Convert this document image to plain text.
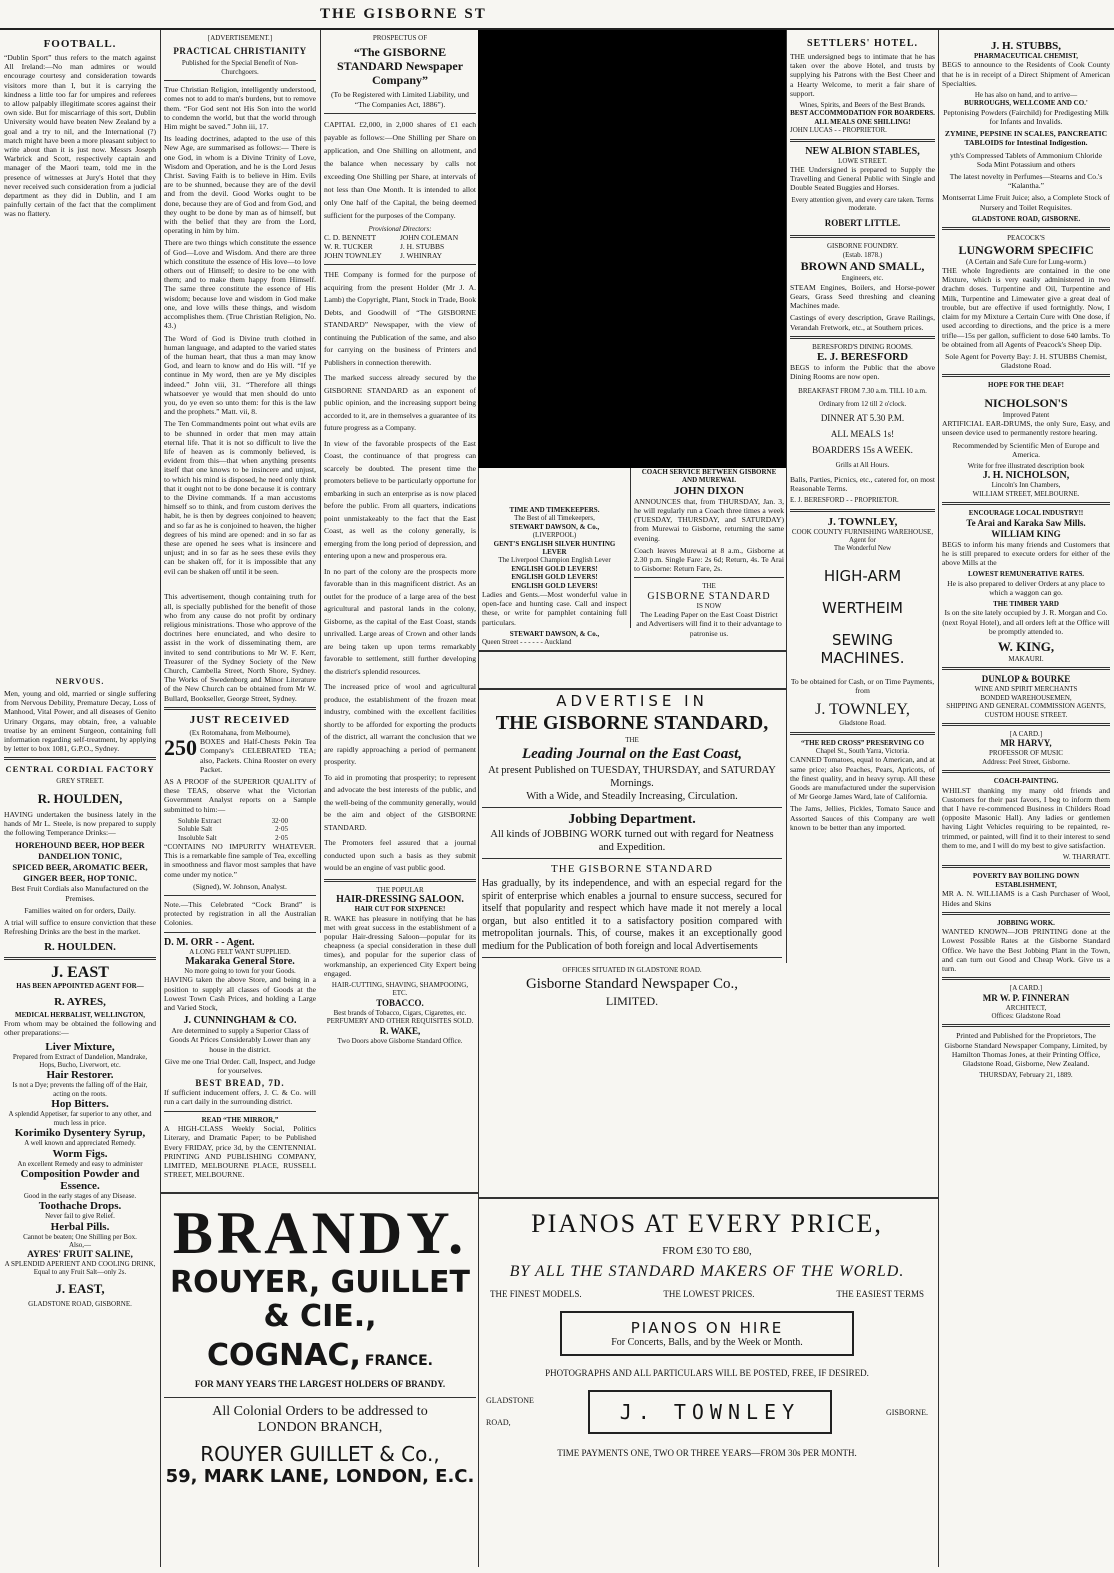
THE GISBORNE ST
FOOTBALL.

“Dublin Sport” thus refers to the match against All Ireland:—No man admires or would encourage courtesy and consideration towards visitors more than I, but it is carrying the kindness a little too far for umpires and referees to allow palpably illegitimate scores against their own side. But for miscarriage of this sort, Dublin University would have beaten New Zealand by a goal and a try to nil, and the International (?) match might have been a more pleasant subject to write about than it is just now. Messrs Joseph Warbrick and Scott, respectively captain and manager of the Maori team, told me in the presence of witnesses at Jury's Hotel that they never received such consideration from a judicial department as they did in Dublin, and I am painfully certain of the fact that the compliment was no flattery.

NERVOUS.

Men, young and old, married or single suffering from Nervous Debility, Premature Decay, Loss of Manhood, Vital Power, and all diseases of Genito Urinary Organs, may obtain, free, a valuable treatise by an eminent Surgeon, containing full information regarding self-treatment, by applying by letter to box 1081, G.P.O., Sydney.

CENTRAL CORDIAL FACTORY
GREY STREET.
R. HOULDEN,

HAVING undertaken the business lately in the hands of Mr L. Steele, is now prepared to supply the following Temperance Drinks:—

HOREHOUND BEER, HOP BEER
DANDELION TONIC,
SPICED BEER, AROMATIC BEER,
GINGER BEER, HOP TONIC.

Best Fruit Cordials also Manufactured on the Premises.

Families waited on for orders, Daily.

A trial will suffice to ensure conviction that these Refreshing Drinks are the best in the market.

R. HOULDEN.
J. EAST
HAS BEEN APPOINTED AGENT FOR—
R. AYRES,
MEDICAL HERBALIST, WELLINGTON,

From whom may be obtained the following and other preparations:—

Liver Mixture,
Prepared from Extract of Dandelion, Mandrake, Hops, Bucho, Liverwort, etc.
Hair Restorer.
Is not a Dye; prevents the falling off of the Hair, acting on the roots.
Hop Bitters.
A splendid Appetiser, far superior to any other, and much less in price.
Korimiko Dysentery Syrup,
A well known and appreciated Remedy.
Worm Figs.
An excellent Remedy and easy to administer
Composition Powder and Essence.
Good in the early stages of any Disease.
Toothache Drops.
Never fail to give Relief.
Herbal Pills.
Cannot be beaten; One Shilling per Box.
Also,—
AYRES' FRUIT SALINE,
A SPLENDID APERIENT AND COOLING DRINK,
Equal to any Fruit Salt—only 2s.
J. EAST,
GLADSTONE ROAD, GISBORNE.
[ADVERTISEMENT.]
PRACTICAL CHRISTIANITY
Published for the Special Benefit of Non-Churchgoers.

True Christian Religion, intelligently understood, comes not to add to man's burdens, but to remove them. “For God sent not His Son into the world to condemn the world, but that the world through Him might be saved.” John iii, 17.

Its leading doctrines, adapted to the use of this New Age, are summarised as follows:— There is one God, in whom is a Divine Trinity of Love, Wisdom and Operation, and he is the Lord Jesus Christ. Saving Faith is to believe in Him. Evils are to be shunned, because they are of the devil and from the devil. Good Works ought to be done, because they are of God and from God, and they ought to be done by man as of himself, but with the belief that they are from the Lord, operating in him by him.

There are two things which constitute the essence of God—Love and Wisdom. And there are three which constitute the essence of His love—to love others out of Himself; to desire to be one with them; and to make them happy from Himself. The same three constitute the essence of His wisdom; because love and wisdom in God make one, and love wills these things, and wisdom accomplishes them. (True Christian Religion, No. 43.)

The Word of God is Divine truth clothed in human language, and adapted to the varied states of the human heart, that thus a man may know God, and learn to know and do His will. “If ye continue in My word, then are ye My disciples indeed.” John viii, 31. “Therefore all things whatsoever ye would that men should do unto you, do ye even so unto them: for this is the law and the prophets.” Matt. vii, 8.

The Ten Commandments point out what evils are to be shunned in order that men may attain eternal life. That it is not so difficult to live the life of heaven as is commonly believed, is evident from this—that when anything presents itself that one knows to be insincere and unjust, to which his mind is disposed, he need only think that it ought not to be done because it is contrary to the Divine commands. If a man accustoms himself so to think, and from custom derives the habit, he is then by degrees conjoined to heaven; and so far as he is conjoined to heaven, the higher degrees of his mind are opened: and in so far as these are opened he sees what is insincere and unjust; and in so far as he sees these evils they can be shaken off, for it is impossible that any evil can be shaken off until it be seen.

This advertisement, though containing truth for all, is specially published for the benefit of those who from any cause do not profit by ordinary religious ministrations. Those who approve of the doctrines here enunciated, and who desire to assist in the work of disseminating them, are invited to send contributions to Mr W. F. Kerr, Treasurer of the Sydney Society of the New Church, Cambella Street, North Shore, Sydney. The Works of Swedenborg and Minor Literature of the New Church can be obtained from Mr W. Bullard, Bookseller, George Street, Sydney.

JUST RECEIVED
(Ex Rotomahana, from Melbourne),
250 BOXES and Half-Chests Pekin Tea Company's CELEBRATED TEA; also, Packets. China Rooster on every Packet.

AS A PROOF of the SUPERIOR QUALITY of these TEAS, observe what the Victorian Government Analyst reports on a Sample submitted to him:—

Soluble Extract	32·00
Soluble Salt	2·05
Insoluble Salt	2·05

“CONTAINS NO IMPURITY WHATEVER. This is a remarkable fine sample of Tea, excelling in smoothness and flavor most samples that have come under my notice.”

(Signed), W. Johnson, Analyst.

Note.—This Celebrated “Cock Brand” is protected by registration in all the Australian Colonies.

D. M. ORR - - Agent.
A LONG FELT WANT SUPPLIED.
Makaraka General Store.
No more going to town for your Goods.

HAVING taken the above Store, and being in a position to supply all classes of Goods at the Lowest Town Cash Prices, and holding a Large and Varied Stock,

J. CUNNINGHAM & CO.

Are determined to supply a Superior Class of Goods At Prices Considerably Lower than any house in the district.

Give me one Trial Order. Call, Inspect, and Judge for yourselves.

BEST BREAD, 7D.

If sufficient inducement offers, J. C. & Co. will run a cart daily in the surrounding district.

READ “THE MIRROR,”

A HIGH-CLASS Weekly Social, Politics Literary, and Dramatic Paper; to be Published Every FRIDAY, price 3d, by the CENTENNIAL PRINTING AND PUBLISHING COMPANY, LIMITED, MELBOURNE PLACE, RUSSELL STREET, MELBOURNE.

PROSPECTUS OF
“The GISBORNE STANDARD Newspaper Company”

(To be Registered with Limited Liability, und “The Companies Act, 1886”).

CAPITAL £2,000, in 2,000 shares of £1 each payable as follows:—One Shilling per Share on application, and One Shilling on allotment, and the balance when necessary by calls not exceeding One Shilling per Share, at intervals of not less than One Month. It is intended to allot only One half of the Capital, the being deemed sufficient for the purposes of the Company.

Provisional Directors:
C. D. BENNETT	JOHN COLEMAN
W. R. TUCKER	J. H. STUBBS
JOHN TOWNLEY	J. WHINRAY

THE Company is formed for the purpose of acquiring from the present Holder (Mr J. A. Lamb) the Copyright, Plant, Stock in Trade, Book Debts, and Goodwill of “The GISBORNE STANDARD” Newspaper, with the view of continuing the Publication of the same, and also for carrying on the business of Printers and Publishers in connection therewith.

The marked success already secured by the GISBORNE STANDARD as an exponent of public opinion, and the increasing support being accorded to it, are in themselves a guarantee of its future progress as a Company.

In view of the favorable prospects of the East Coast, the continuance of that progress can scarcely be doubted. The present time the promoters believe to be particularly opportune for embarking in such an enterprise as is now placed before the public. From all quarters, indications point unmistakeably to the fact that the East Coast, as well as the colony generally, is emerging from the long period of depression, and entering upon a new and prosperous era.

In no part of the colony are the prospects more favorable than in this magnificent district. As an outlet for the produce of a large area of the best agricultural and pastoral lands in the colony, Gisborne, as the capital of the East Coast, stands unrivalled. Large areas of Crown and other lands are being taken up upon terms remarkably favorable to settlement, still further developing the district's splendid resources.

The increased price of wool and agricultural produce, the establishment of the frozen meat industry, combined with the excellent facilities shortly to be afforded for exporting the products of the district, all warrant the conclusion that we are rapidly approaching a period of permanent prosperity.

To aid in promoting that prosperity; to represent and advocate the best interests of the public, and the well-being of the community generally, would be the aim and object of the GISBORNE STANDARD.

The Promoters feel assured that a journal conducted upon such a basis as they submit would be an engine of vast public good.

THE POPULAR
HAIR-DRESSING SALOON.
HAIR CUT FOR SIXPENCE!

R. WAKE has pleasure in notifying that he has met with great success in the establishment of a popular Hair-dressing Saloon—popular for its cheapness (a special consideration in these dull times), and popular for the superior class of workmanship, an experienced City Expert being engaged.

HAIR-CUTTING, SHAVING, SHAMPOOING, ETC.
TOBACCO.
Best brands of Tobacco, Cigars, Cigarettes, etc.
PERFUMERY AND OTHER REQUISITES SOLD.
R. WAKE,
Two Doors above Gisborne Standard Office.
TIME AND TIMEKEEPERS.
The Best of all Timekeepers,
STEWART DAWSON, & Co.,
(LIVERPOOL)
GENT'S ENGLISH SILVER HUNTING LEVER
The Liverpool Champion English Lever
ENGLISH GOLD LEVERS!
ENGLISH GOLD LEVERS!
ENGLISH GOLD LEVERS!

Ladies and Gents.—Most wonderful value in open-face and hunting case. Call and inspect these, or write for pamphlet containing full particulars.

STEWART DAWSON, & Co.,
Queen Street - - - - - - Auckland
COACH SERVICE BETWEEN GISBORNE AND MUREWAI.
JOHN DIXON

ANNOUNCES that, from THURSDAY, Jan. 3, he will regularly run a Coach three times a week (TUESDAY, THURSDAY, and SATURDAY) from Murewai to Gisborne, returning the same evening.

Coach leaves Murewai at 8 a.m., Gisborne at 2.30 p.m. Single Fare: 2s 6d; Return, 4s. Te Arai to Gisborne: Return Fare, 2s.

THE
GISBORNE STANDARD
IS NOW

The Leading Paper on the East Coast District and Advertisers will find it to their advantage to patronise us.

ADVERTISE IN
THE GISBORNE STANDARD,
THE
Leading Journal on the East Coast,
At present Published on TUESDAY, THURSDAY, and SATURDAY Mornings.
With a Wide, and Steadily Increasing, Circulation.
Jobbing Department.
All kinds of JOBBING WORK turned out with regard for Neatness and Expedition.
THE GISBORNE STANDARD

Has gradually, by its independence, and with an especial regard for the spirit of enterprise which enables a journal to ensure success, secured for itself that popularity and respect which have made it not merely a local organ, but also entitled it to a satisfactory position compared with metropolitan journals. This, of course, makes it an exceptionally good medium for the Publication of both foreign and local Advertisements

OFFICES SITUATED IN GLADSTONE ROAD.
Gisborne Standard Newspaper Co.,
LIMITED.
PIANOS AT EVERY PRICE,
FROM £30 TO £80,
BY ALL THE STANDARD MAKERS OF THE WORLD.
THE FINEST MODELS.	THE LOWEST PRICES.	THE EASIEST TERMS
PIANOS ON HIRE
For Concerts, Balls, and by the Week or Month.
PHOTOGRAPHS AND ALL PARTICULARS WILL BE POSTED, FREE, IF DESIRED.
GLADSTONE
ROAD,	J. TOWNLEY	GISBORNE.
TIME PAYMENTS ONE, TWO OR THREE YEARS—FROM 30s PER MONTH.
BRANDY.
ROUYER, GUILLET & CIE.,
COGNAC, FRANCE.
FOR MANY YEARS THE LARGEST HOLDERS OF BRANDY.
All Colonial Orders to be addressed to
LONDON BRANCH,
ROUYER GUILLET & Co.,
59, MARK LANE, LONDON, E.C.
SETTLERS' HOTEL.

THE undersigned begs to intimate that he has taken over the above Hotel, and trusts by supplying his Patrons with the Best Cheer and a Hearty Welcome, to merit a fair share of support.

Wines, Spirits, and Beers of the Best Brands.
BEST ACCOMMODATION FOR BOARDERS.
ALL MEALS ONE SHILLING!
JOHN LUCAS - - PROPRIETOR.
NEW ALBION STABLES,
LOWE STREET.

THE Undersigned is prepared to Supply the Travelling and General Public with Single and Double Seated Buggies and Horses.

Every attention given, and every care taken. Terms moderate.
ROBERT LITTLE.
GISBORNE FOUNDRY.
(Estab. 1878.)
BROWN AND SMALL,
Engineers, etc.

STEAM Engines, Boilers, and Horse-power Gears, Grass Seed threshing and cleaning Machines made.

Castings of every description, Grave Railings, Verandah Fretwork, etc., at Southern prices.

BERESFORD'S DINING ROOMS.
E. J. BERESFORD

BEGS to inform the Public that the above Dining Rooms are now open.

BREAKFAST FROM 7.30 a.m. TILL 10 a.m.
Ordinary from 12 till 2 o'clock.
DINNER AT 5.30 P.M.
ALL MEALS 1s!
BOARDERS 15s A WEEK.
Grills at All Hours.

Balls, Parties, Picnics, etc., catered for, on most Reasonable Terms.

E. J. BERESFORD - - PROPRIETOR.
J. TOWNLEY,
COOK COUNTY FURNISHING WAREHOUSE,
Agent for
The Wonderful New
HIGH-ARM
WERTHEIM
SEWING MACHINES.

To be obtained for Cash, or on Time Payments, from

J. TOWNLEY,
Gladstone Road.
“THE RED CROSS” PRESERVING CO
Chapel St., South Yarra, Victoria.

CANNED Tomatoes, equal to American, and at same price; also Peaches, Pears, Apricots, of the finest quality, and in heavy syrup. All these Goods are manufactured under the supervision of Mr George James Ward, late of California.

The Jams, Jellies, Pickles, Tomato Sauce and Assorted Sauces of this Company are well known to be better than any imported.

J. H. STUBBS,
PHARMACEUTICAL CHEMIST,

BEGS to announce to the Residents of Cook County that he is in receipt of a Direct Shipment of American Specialties.

He has also on hand, and to arrive—
BURROUGHS, WELLCOME AND CO.'

Peptonising Powders (Fairchild) for Predigesting Milk for Infants and Invalids.

ZYMINE, PEPSINE IN SCALES, PANCREATIC TABLOIDS for Intestinal Indigestion.

yth's Compressed Tablets of Ammonium Chloride Soda Mint Potassium and others

The latest novelty in Perfumes—Stearns and Co.'s “Kalantha.”

Montserrat Lime Fruit Juice; also, a Complete Stock of Nursery and Toilet Requisites.

GLADSTONE ROAD, GISBORNE.
PEACOCK'S
LUNGWORM SPECIFIC
(A Certain and Safe Cure for Lung-worm.)

THE whole Ingredients are contained in the one Mixture, which is very easily administered in two drachm doses. Turpentine and Oil, Turpentine and Milk, Turpentine and Limewater give a great deal of trouble, but are effective if used fortnightly. Now, I claim for my Mixture a Certain Cure with One dose, if used according to directions, and the price is a mere trifle—15s per gallon, sufficient to dose 640 lambs. To be obtained from all Agents of Peacock's Sheep Dip.

Sole Agent for Poverty Bay: J. H. STUBBS Chemist, Gladstone Road.

HOPE FOR THE DEAF!
NICHOLSON'S
Improved Patent

ARTIFICIAL EAR-DRUMS, the only Sure, Easy, and unseen device used to permanently restore hearing.

Recommended by Scientific Men of Europe and America.

Write for free illustrated description book
J. H. NICHOLSON,
Lincoln's Inn Chambers,
WILLIAM STREET, MELBOURNE.
ENCOURAGE LOCAL INDUSTRY!!
Te Arai and Karaka Saw Mills.
WILLIAM KING

BEGS to inform his many friends and Customers that he is still prepared to execute orders for either of the above Mills at the

LOWEST REMUNERATIVE RATES.

He is also prepared to deliver Orders at any place to which a waggon can go.

THE TIMBER YARD

Is on the site lately occupied by J. R. Morgan and Co. (next Royal Hotel), and all orders left at the Office will be promptly attended to.

W. KING,
MAKAURI.
DUNLOP & BOURKE
WINE AND SPIRIT MERCHANTS
BONDED WAREHOUSEMEN,
SHIPPING AND GENERAL COMMISSION AGENTS,
CUSTOM HOUSE STREET.
[A CARD.]
MR HARVY,
PROFESSOR OF MUSIC
Address: Peel Street, Gisborne.
COACH-PAINTING.

WHILST thanking my many old friends and Customers for their past favors, I beg to inform them that I have re-commenced Business in Childers Road (opposite Masonic Hall). Any ladies or gentlemen having Light Vehicles requiring to be repainted, re-trimmed, or painted, will find it to their interest to send them to me, and I will do my best to give satisfaction.

W. THARRATT.
POVERTY BAY BOILING DOWN ESTABLISHMENT,

MR A. N. WILLIAMS is a Cash Purchaser of Wool, Hides and Skins

JOBBING WORK.

WANTED KNOWN—JOB PRINTING done at the Lowest Possible Rates at the Gisborne Standard Office. We have the Best Jobbing Plant in the Town, and can turn out Good and Cheap Work. Give us a turn.

[A CARD.]
MR W. P. FINNERAN
ARCHITECT,
Offices: Gladstone Road

Printed and Published for the Proprietors, The Gisborne Standard Newspaper Company, Limited, by Hamilton Thomas Jones, at their Printing Office, Gladstone Road, Gisborne, New Zealand.

THURSDAY, February 21, 1889.
